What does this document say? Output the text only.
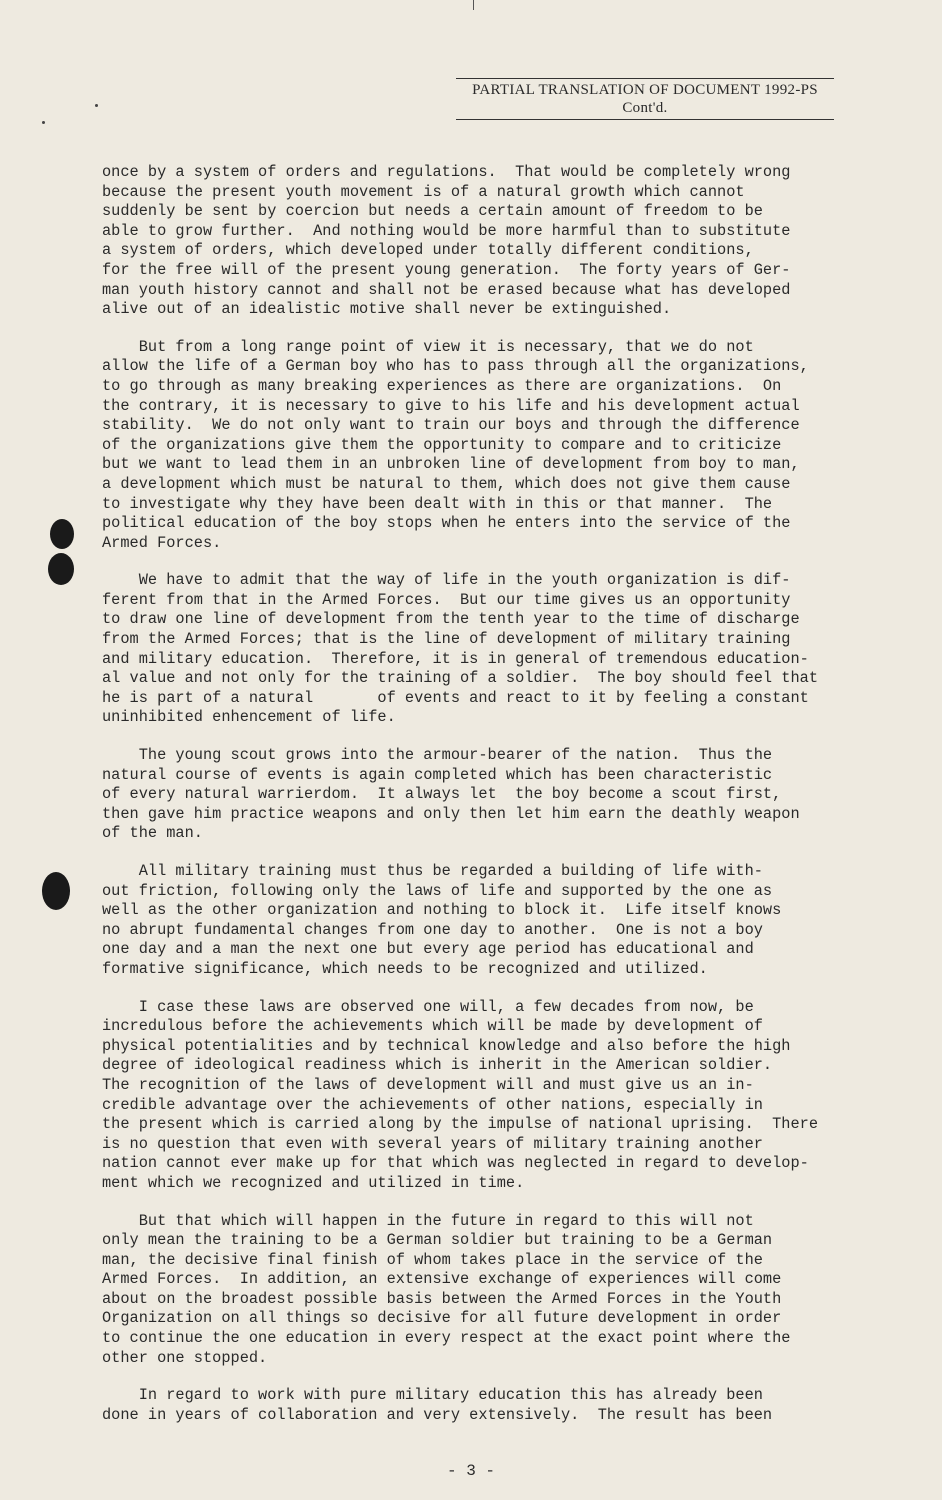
PARTIAL TRANSLATION OF DOCUMENT 1992-PS
Cont'd.

once by a system of orders and regulations.  That would be completely wrong
because the present youth movement is of a natural growth which cannot
suddenly be sent by coercion but needs a certain amount of freedom to be
able to grow further.  And nothing would be more harmful than to substitute
a system of orders, which developed under totally different conditions,
for the free will of the present young generation.  The forty years of Ger-
man youth history cannot and shall not be erased because what has developed
alive out of an idealistic motive shall never be extinguished.

But from a long range point of view it is necessary, that we do not
allow the life of a German boy who has to pass through all the organizations,
to go through as many breaking experiences as there are organizations.  On
the contrary, it is necessary to give to his life and his development actual
stability.  We do not only want to train our boys and through the difference
of the organizations give them the opportunity to compare and to criticize
but we want to lead them in an unbroken line of development from boy to man,
a development which must be natural to them, which does not give them cause
to investigate why they have been dealt with in this or that manner.  The
political education of the boy stops when he enters into the service of the
Armed Forces.

We have to admit that the way of life in the youth organization is dif-
ferent from that in the Armed Forces.  But our time gives us an opportunity
to draw one line of development from the tenth year to the time of discharge
from the Armed Forces; that is the line of development of military training
and military education.  Therefore, it is in general of tremendous education-
al value and not only for the training of a soldier.  The boy should feel that
he is part of a natural       of events and react to it by feeling a constant
uninhibited enhencement of life.

The young scout grows into the armour-bearer of the nation.  Thus the
natural course of events is again completed which has been characteristic
of every natural warrierdom.  It always let  the boy become a scout first,
then gave him practice weapons and only then let him earn the deathly weapon
of the man.

All military training must thus be regarded a building of life with-
out friction, following only the laws of life and supported by the one as
well as the other organization and nothing to block it.  Life itself knows
no abrupt fundamental changes from one day to another.  One is not a boy
one day and a man the next one but every age period has educational and
formative significance, which needs to be recognized and utilized.

I case these laws are observed one will, a few decades from now, be
incredulous before the achievements which will be made by development of
physical potentialities and by technical knowledge and also before the high
degree of ideological readiness which is inherit in the American soldier.
The recognition of the laws of development will and must give us an in-
credible advantage over the achievements of other nations, especially in
the present which is carried along by the impulse of national uprising.  There
is no question that even with several years of military training another
nation cannot ever make up for that which was neglected in regard to develop-
ment which we recognized and utilized in time.

But that which will happen in the future in regard to this will not
only mean the training to be a German soldier but training to be a German
man, the decisive final finish of whom takes place in the service of the
Armed Forces.  In addition, an extensive exchange of experiences will come
about on the broadest possible basis between the Armed Forces in the Youth
Organization on all things so decisive for all future development in order
to continue the one education in every respect at the exact point where the
other one stopped.

In regard to work with pure military education this has already been
done in years of collaboration and very extensively.  The result has been

- 3 -
